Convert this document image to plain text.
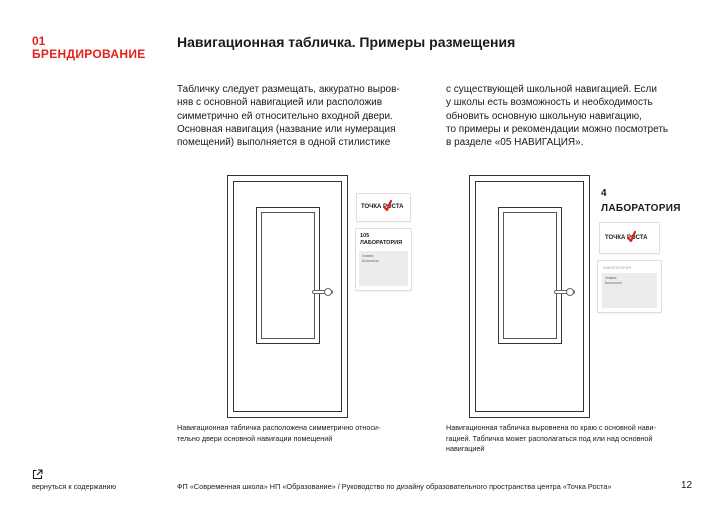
01
БРЕНДИРОВАНИЕ
Навигационная табличка. Примеры размещения
Табличку следует размещать, аккуратно выров-
няв с основной навигацией или расположив
симметрично ей относительно входной двери.
Основная навигация (название или нумерация
помещений) выполняется в одной стилистике
с существующей школьной навигацией. Если
у школы есть возможность и необходимость
обновить основную школьную навигацию,
то примеры и рекомендации можно посмотреть
в разделе «05 НАВИГАЦИЯ».
ТОЧКА РОСТА
105
ЛАБОРАТОРИЯ
Химия
Биология
4
ЛАБОРАТОРИЯ
ТОЧКА РОСТА
ЛАБОРАТОРИЯ
Химия
Биология
Навигационная табличка расположена симметрично относи-
тельно двери основной навигации помещений
Навигационная табличка выровнена по краю с основной нави-
гацией. Табличка может располагаться под или над основной
навигацией
вернуться к содержанию	ФП «Современная школа» НП «Образование» / Руководство по дизайну образовательного пространства центра «Точка Роста»	12
